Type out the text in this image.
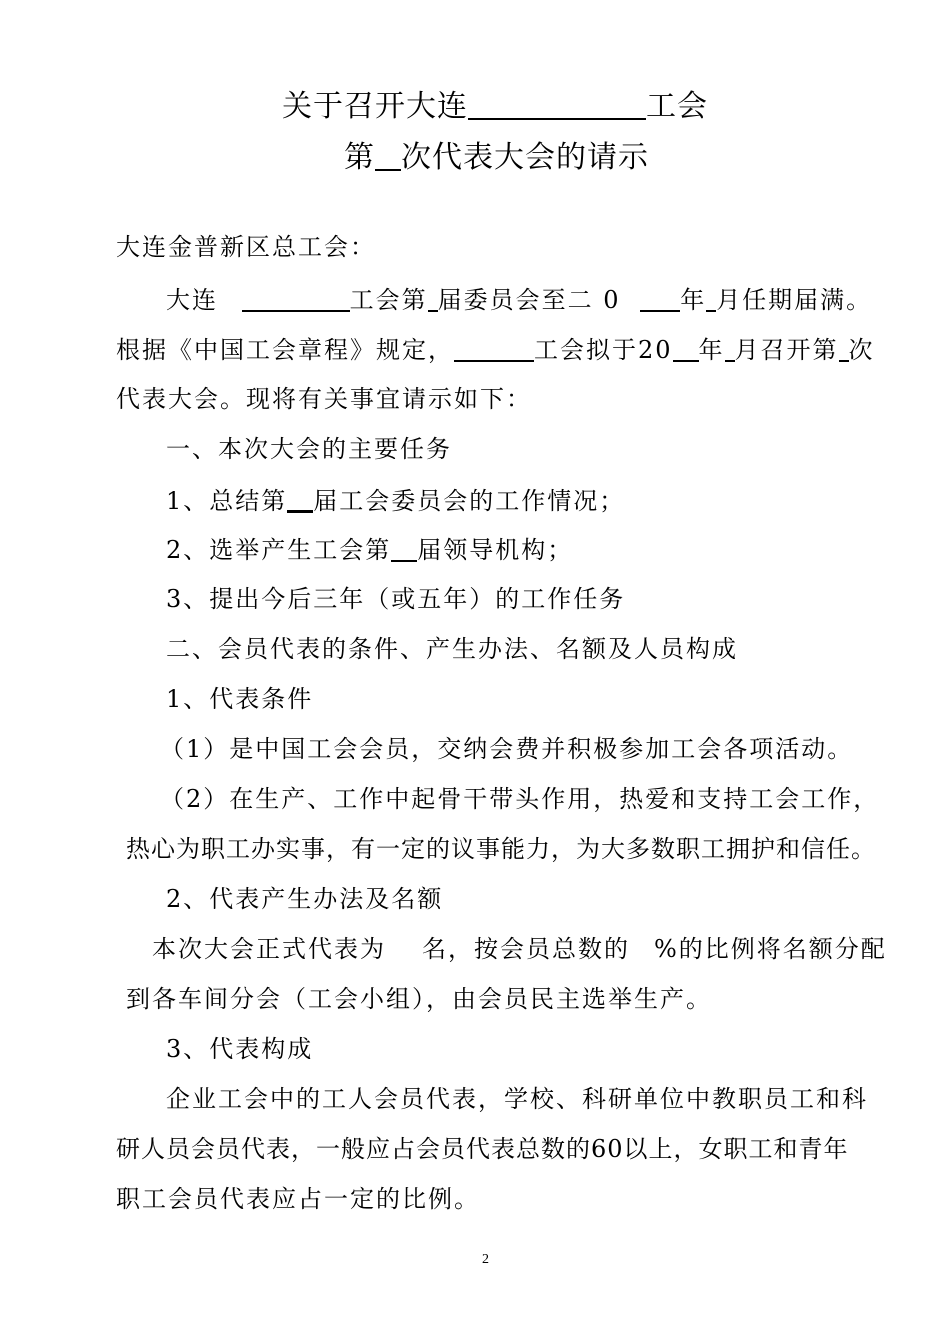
关于召开大连	工会
第 次代表大会的请示
大连金普新区总工会：
大连	工会第 届委员会至二 0 年 月任期届满。
根据《中国工会章程》规定，	工会拟于20 年 月召开第 次
代表大会。现将有关事宜请示如下：
一、本次大会的主要任务
1、总结第 届工会委员会的工作情况；
2、选举产生工会第 届领导机构；
3、提出今后三年（或五年）的工作任务
二、会员代表的条件、产生办法、名额及人员构成
1、代表条件
（1）是中国工会会员，交纳会费并积极参加工会各项活动。
（2）在生产、工作中起骨干带头作用，热爱和支持工会工作，
热心为职工办实事，有一定的议事能力，为大多数职工拥护和信任。
2、代表产生办法及名额
本次大会正式代表为 名，按会员总数的 %的比例将名额分配
到各车间分会（工会小组），由会员民主选举生产。
3、代表构成
企业工会中的工人会员代表，学校、科研单位中教职员工和科
研人员会员代表，一般应占会员代表总数的60以上，女职工和青年
职工会员代表应占一定的比例。
2
